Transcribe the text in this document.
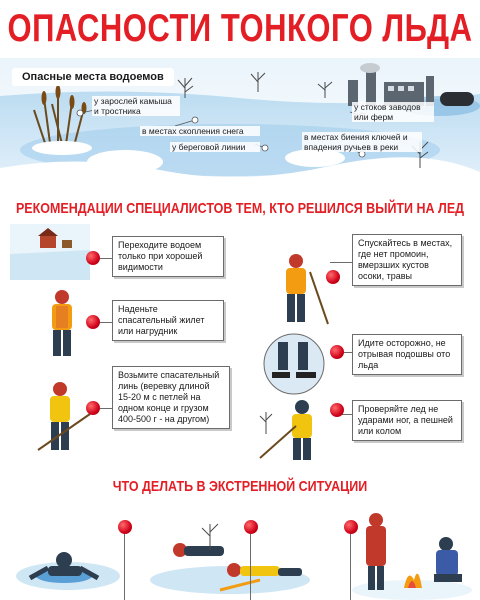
ОПАСНОСТИ ТОНКОГО ЛЬДА
Опасные места водоемов
у зарослей камыша и тростника
в местах скопления снега
у береговой линии
у стоков заводов или ферм
в местах биения ключей и впадения ручьев в реки
РЕКОМЕНДАЦИИ СПЕЦИАЛИСТОВ ТЕМ, КТО РЕШИЛСЯ ВЫЙТИ НА ЛЕД
Переходите водоем только при хорошей видимости
Наденьте спасательный жилет или нагрудник
Возьмите спасательный линь (веревку длиной 15-20 м с петлей на одном конце и грузом 400-500 г - на другом)
Спускайтесь в местах, где нет промоин, вмерзших кустов осоки, травы
Идите осторожно, не отрывая подошвы ото льда
Проверяйте лед не ударами ног, а пешней или колом
ЧТО ДЕЛАТЬ В ЭКСТРЕННОЙ СИТУАЦИИ
